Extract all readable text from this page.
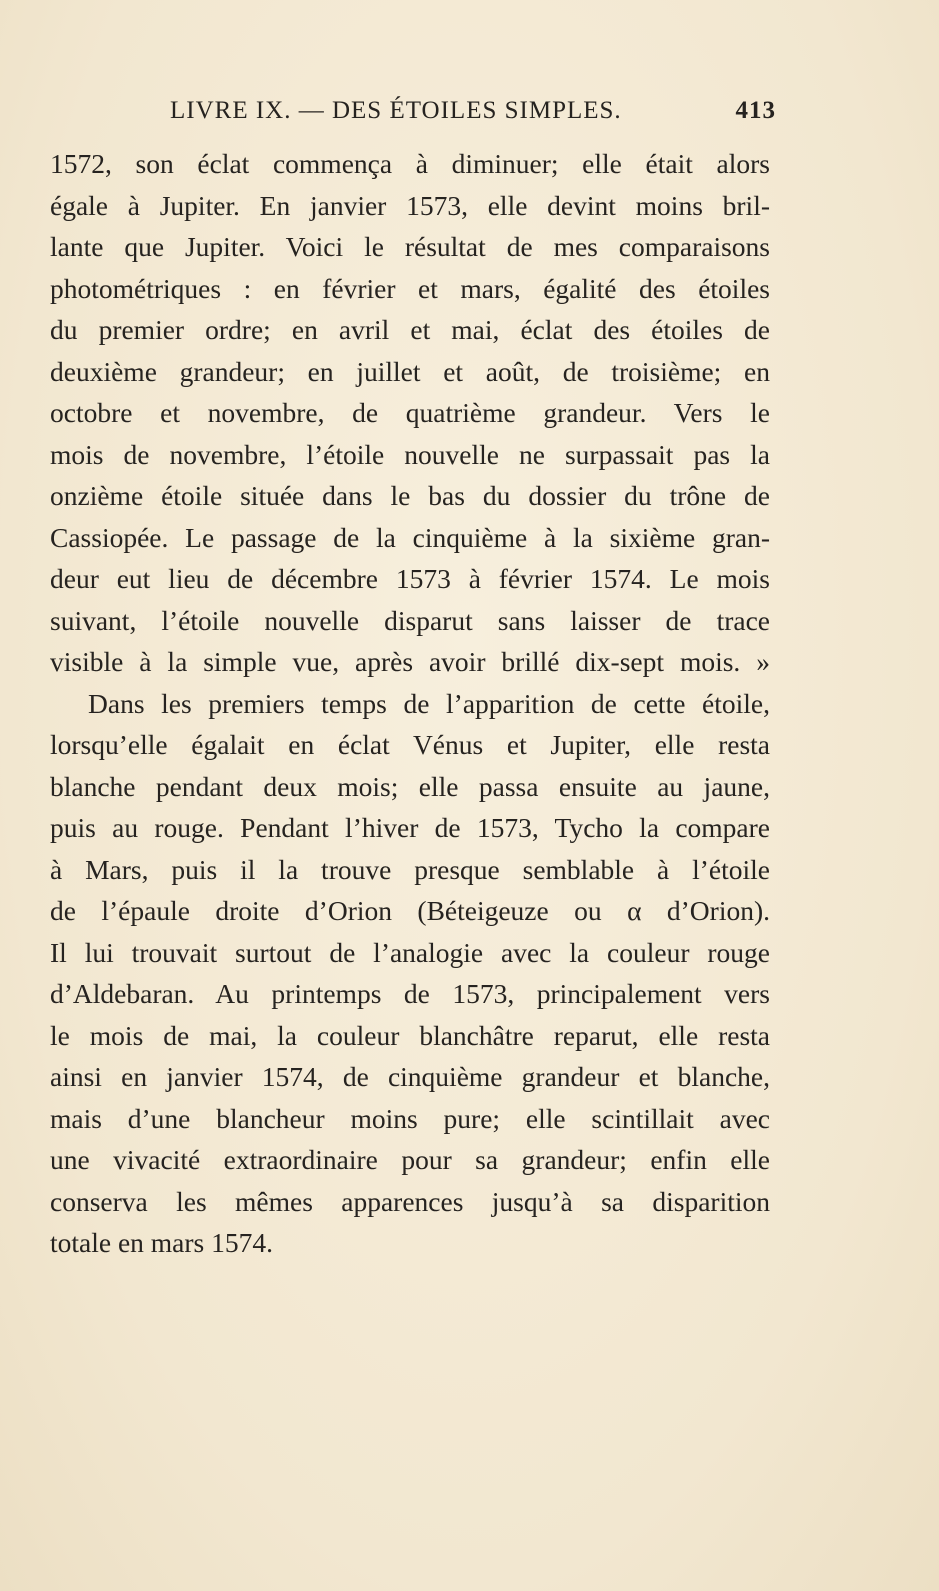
LIVRE IX. — DES ÉTOILES SIMPLES.	413
1572, son éclat commença à diminuer; elle était alors
égale à Jupiter. En janvier 1573, elle devint moins bril-
lante que Jupiter. Voici le résultat de mes comparaisons
photométriques : en février et mars, égalité des étoiles
du premier ordre; en avril et mai, éclat des étoiles de
deuxième grandeur; en juillet et août, de troisième; en
octobre et novembre, de quatrième grandeur. Vers le
mois de novembre, l’étoile nouvelle ne surpassait pas la
onzième étoile située dans le bas du dossier du trône de
Cassiopée. Le passage de la cinquième à la sixième gran-
deur eut lieu de décembre 1573 à février 1574. Le mois
suivant, l’étoile nouvelle disparut sans laisser de trace
visible à la simple vue, après avoir brillé dix-sept mois. »
Dans les premiers temps de l’apparition de cette étoile,
lorsqu’elle égalait en éclat Vénus et Jupiter, elle resta
blanche pendant deux mois; elle passa ensuite au jaune,
puis au rouge. Pendant l’hiver de 1573, Tycho la compare
à Mars, puis il la trouve presque semblable à l’étoile
de l’épaule droite d’Orion (Béteigeuze ou α d’Orion).
Il lui trouvait surtout de l’analogie avec la couleur rouge
d’Aldebaran. Au printemps de 1573, principalement vers
le mois de mai, la couleur blanchâtre reparut, elle resta
ainsi en janvier 1574, de cinquième grandeur et blanche,
mais d’une blancheur moins pure; elle scintillait avec
une vivacité extraordinaire pour sa grandeur; enfin elle
conserva les mêmes apparences jusqu’à sa disparition
totale en mars 1574.
